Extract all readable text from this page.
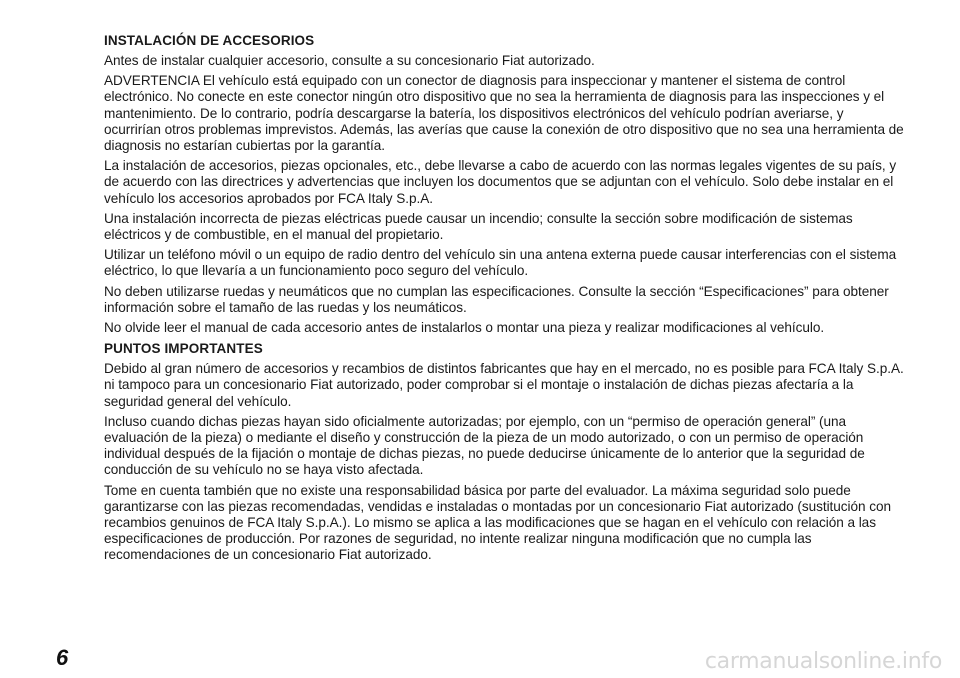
INSTALACIÓN DE ACCESORIOS

Antes de instalar cualquier accesorio, consulte a su concesionario Fiat autorizado.

ADVERTENCIA El vehículo está equipado con un conector de diagnosis para inspeccionar y mantener el sistema de control electrónico. No conecte en este conector ningún otro dispositivo que no sea la herramienta de diagnosis para las inspecciones y el mantenimiento. De lo contrario, podría descargarse la batería, los dispositivos electrónicos del vehículo podrían averiarse, y ocurrirían otros problemas imprevistos. Además, las averías que cause la conexión de otro dispositivo que no sea una herramienta de diagnosis no estarían cubiertas por la garantía.

La instalación de accesorios, piezas opcionales, etc., debe llevarse a cabo de acuerdo con las normas legales vigentes de su país, y de acuerdo con las directrices y advertencias que incluyen los documentos que se adjuntan con el vehículo. Solo debe instalar en el vehículo los accesorios aprobados por FCA Italy S.p.A.

Una instalación incorrecta de piezas eléctricas puede causar un incendio; consulte la sección sobre modificación de sistemas eléctricos y de combustible, en el manual del propietario.

Utilizar un teléfono móvil o un equipo de radio dentro del vehículo sin una antena externa puede causar interferencias con el sistema eléctrico, lo que llevaría a un funcionamiento poco seguro del vehículo.

No deben utilizarse ruedas y neumáticos que no cumplan las especificaciones. Consulte la sección “Especificaciones” para obtener información sobre el tamaño de las ruedas y los neumáticos.

No olvide leer el manual de cada accesorio antes de instalarlos o montar una pieza y realizar modificaciones al vehículo.

PUNTOS IMPORTANTES

Debido al gran número de accesorios y recambios de distintos fabricantes que hay en el mercado, no es posible para FCA Italy S.p.A. ni tampoco para un concesionario Fiat autorizado, poder comprobar si el montaje o instalación de dichas piezas afectaría a la seguridad general del vehículo.

Incluso cuando dichas piezas hayan sido oficialmente autorizadas; por ejemplo, con un “permiso de operación general” (una evaluación de la pieza) o mediante el diseño y construcción de la pieza de un modo autorizado, o con un permiso de operación individual después de la fijación o montaje de dichas piezas, no puede deducirse únicamente de lo anterior que la seguridad de conducción de su vehículo no se haya visto afectada.

Tome en cuenta también que no existe una responsabilidad básica por parte del evaluador. La máxima seguridad solo puede garantizarse con las piezas recomendadas, vendidas e instaladas o montadas por un concesionario Fiat autorizado (sustitución con recambios genuinos de FCA Italy S.p.A.). Lo mismo se aplica a las modificaciones que se hagan en el vehículo con relación a las especificaciones de producción. Por razones de seguridad, no intente realizar ninguna modificación que no cumpla las recomendaciones de un concesionario Fiat autorizado.

6	carmanualsonline.info
